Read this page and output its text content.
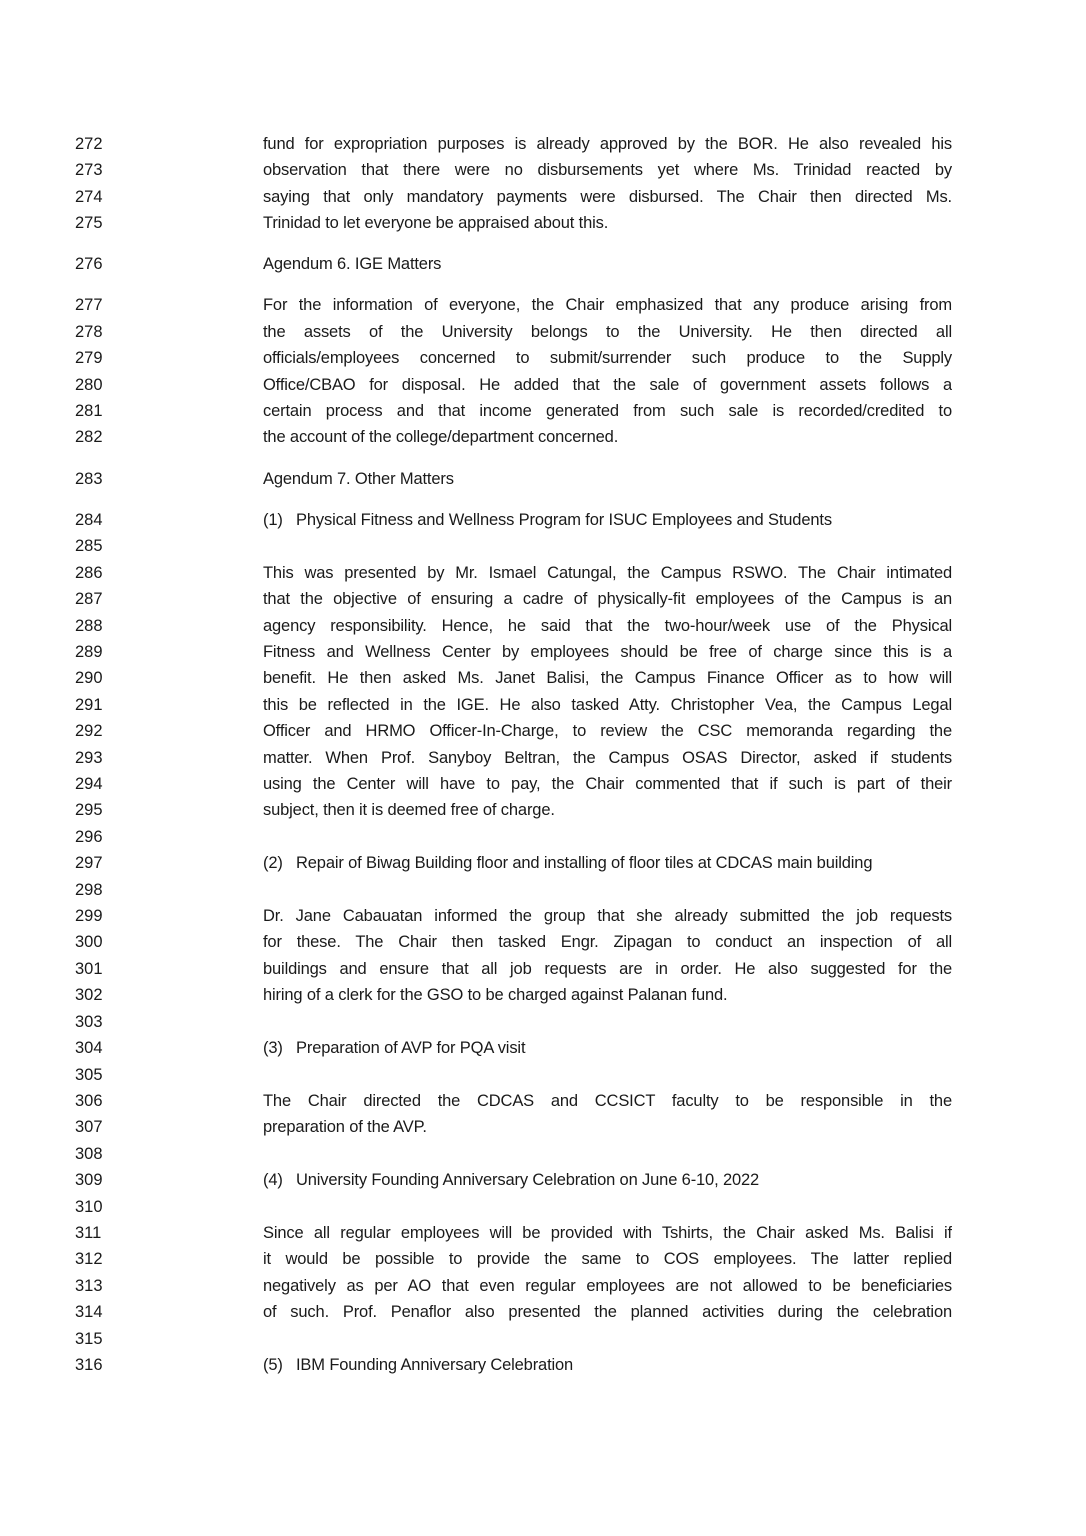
272	fund for expropriation purposes is already approved by the BOR. He also revealed his
273	observation that there were no disbursements yet where Ms. Trinidad reacted by
274	saying that only mandatory payments were disbursed. The Chair then directed Ms.
275	Trinidad to let everyone be appraised about this.
276	Agendum 6. IGE Matters
277	For the information of everyone, the Chair emphasized that any produce arising from
278	the assets of the University belongs to the University. He then directed all
279	officials/employees concerned to submit/surrender such produce to the Supply
280	Office/CBAO for disposal. He added that the sale of government assets follows a
281	certain process and that income generated from such sale is recorded/credited to
282	the account of the college/department concerned.
283	Agendum 7. Other Matters
284	(1) Physical Fitness and Wellness Program for ISUC Employees and Students
285
286	This was presented by Mr. Ismael Catungal, the Campus RSWO. The Chair intimated
287	that the objective of ensuring a cadre of physically-fit employees of the Campus is an
288	agency responsibility. Hence, he said that the two-hour/week use of the Physical
289	Fitness and Wellness Center by employees should be free of charge since this is a
290	benefit. He then asked Ms. Janet Balisi, the Campus Finance Officer as to how will
291	this be reflected in the IGE. He also tasked Atty. Christopher Vea, the Campus Legal
292	Officer and HRMO Officer-In-Charge, to review the CSC memoranda regarding the
293	matter. When Prof. Sanyboy Beltran, the Campus OSAS Director, asked if students
294	using the Center will have to pay, the Chair commented that if such is part of their
295	subject, then it is deemed free of charge.
296
297	(2) Repair of Biwag Building floor and installing of floor tiles at CDCAS main building
298
299	Dr. Jane Cabauatan informed the group that she already submitted the job requests
300	for these. The Chair then tasked Engr. Zipagan to conduct an inspection of all
301	buildings and ensure that all job requests are in order. He also suggested for the
302	hiring of a clerk for the GSO to be charged against Palanan fund.
303
304	(3) Preparation of AVP for PQA visit
305
306	The Chair directed the CDCAS and CCSICT faculty to be responsible in the
307	preparation of the AVP.
308
309	(4) University Founding Anniversary Celebration on June 6-10, 2022
310
311	Since all regular employees will be provided with Tshirts, the Chair asked Ms. Balisi if
312	it would be possible to provide the same to COS employees. The latter replied
313	negatively as per AO that even regular employees are not allowed to be beneficiaries
314	of such. Prof. Penaflor also presented the planned activities during the celebration
315
316	(5) IBM Founding Anniversary Celebration
